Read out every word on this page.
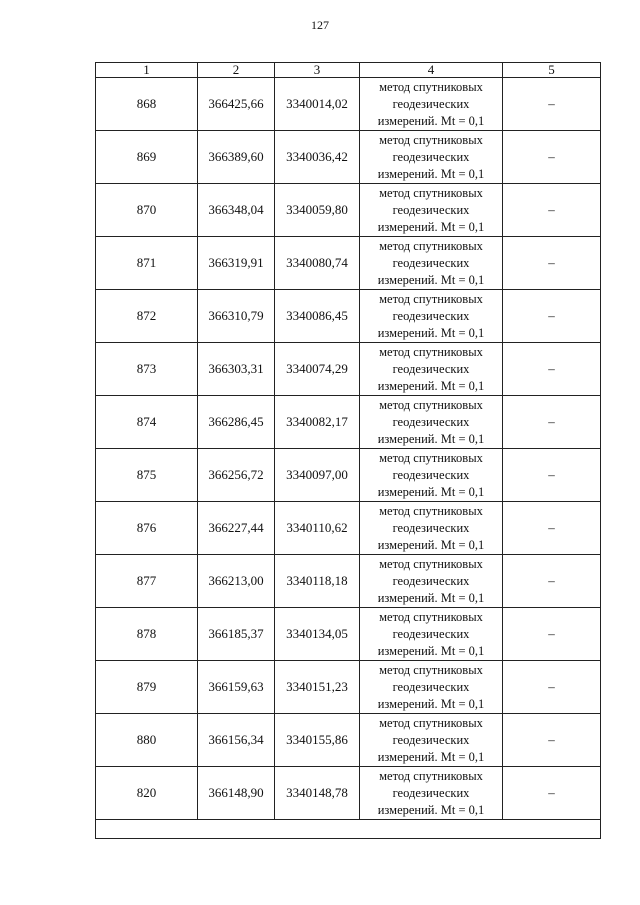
127
1	2	3	4	5
868	366425,66	3340014,02	метод спутниковых
геодезических
измерений. Mt = 0,1	–
869	366389,60	3340036,42	метод спутниковых
геодезических
измерений. Mt = 0,1	–
870	366348,04	3340059,80	метод спутниковых
геодезических
измерений. Mt = 0,1	–
871	366319,91	3340080,74	метод спутниковых
геодезических
измерений. Mt = 0,1	–
872	366310,79	3340086,45	метод спутниковых
геодезических
измерений. Mt = 0,1	–
873	366303,31	3340074,29	метод спутниковых
геодезических
измерений. Mt = 0,1	–
874	366286,45	3340082,17	метод спутниковых
геодезических
измерений. Mt = 0,1	–
875	366256,72	3340097,00	метод спутниковых
геодезических
измерений. Mt = 0,1	–
876	366227,44	3340110,62	метод спутниковых
геодезических
измерений. Mt = 0,1	–
877	366213,00	3340118,18	метод спутниковых
геодезических
измерений. Mt = 0,1	–
878	366185,37	3340134,05	метод спутниковых
геодезических
измерений. Mt = 0,1	–
879	366159,63	3340151,23	метод спутниковых
геодезических
измерений. Mt = 0,1	–
880	366156,34	3340155,86	метод спутниковых
геодезических
измерений. Mt = 0,1	–
820	366148,90	3340148,78	метод спутниковых
геодезических
измерений. Mt = 0,1	–
